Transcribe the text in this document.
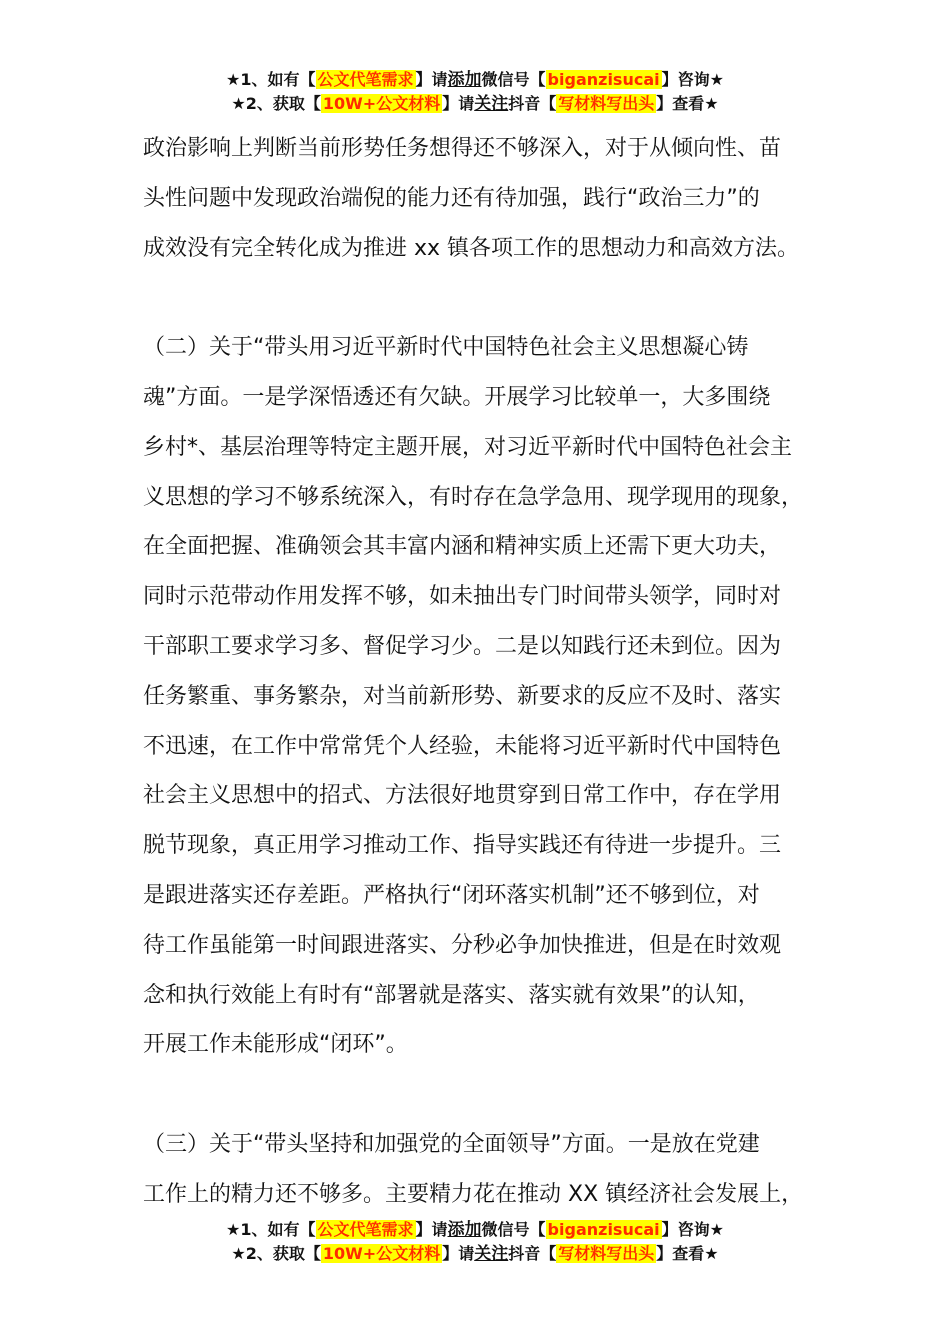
★1、如有【 公文代笔需求 】请添加微信号【 biganzisucai 】咨询★
★2、获取【 10W+公文材料 】请关注抖音【 写材料写出头 】查看★

政治影响上判断当前形势任务想得还不够深入，对于从倾向性、苗
头性问题中发现政治端倪的能力还有待加强，践行“政治三力”的
成效没有完全转化成为推进 xx 镇各项工作的思想动力和高效方法。

（二）关于“带头用习近平新时代中国特色社会主义思想凝心铸
魂”方面。一是学深悟透还有欠缺。开展学习比较单一，大多围绕
乡村*、基层治理等特定主题开展，对习近平新时代中国特色社会主
义思想的学习不够系统深入，有时存在急学急用、现学现用的现象，
在全面把握、准确领会其丰富内涵和精神实质上还需下更大功夫，
同时示范带动作用发挥不够，如未抽出专门时间带头领学，同时对
干部职工要求学习多、督促学习少。二是以知践行还未到位。因为
任务繁重、事务繁杂，对当前新形势、新要求的反应不及时、落实
不迅速，在工作中常常凭个人经验，未能将习近平新时代中国特色
社会主义思想中的招式、方法很好地贯穿到日常工作中，存在学用
脱节现象，真正用学习推动工作、指导实践还有待进一步提升。三
是跟进落实还存差距。严格执行“闭环落实机制”还不够到位，对
待工作虽能第一时间跟进落实、分秒必争加快推进，但是在时效观
念和执行效能上有时有“部署就是落实、落实就有效果”的认知，
开展工作未能形成“闭环”。

（三）关于“带头坚持和加强党的全面领导”方面。一是放在党建
工作上的精力还不够多。主要精力花在推动 XX 镇经济社会发展上，

★1、如有【 公文代笔需求 】请添加微信号【 biganzisucai 】咨询★
★2、获取【 10W+公文材料 】请关注抖音【 写材料写出头 】查看★
